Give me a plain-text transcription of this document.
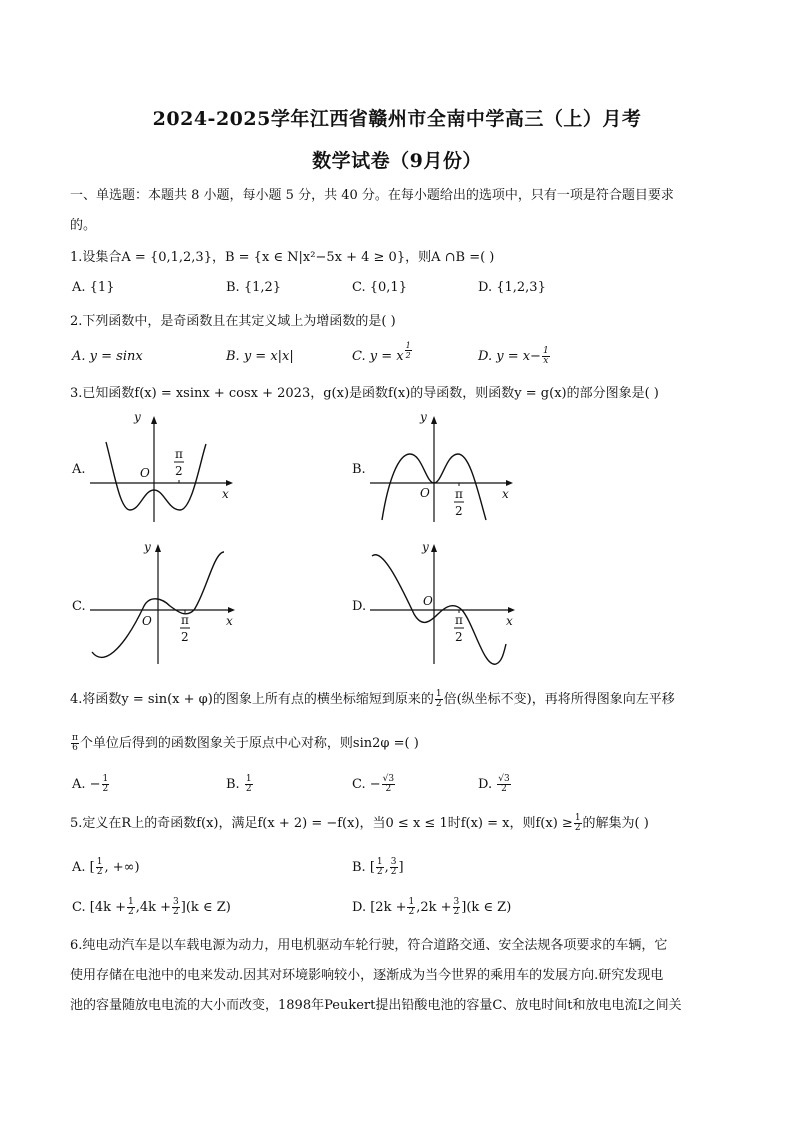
2024-2025学年江西省赣州市全南中学高三（上）月考
数学试卷（9月份）
一、单选题：本题共 8 小题，每小题 5 分，共 40 分。在每小题给出的选项中，只有一项是符合题目要求
的。
1.设集合A = {0,1,2,3}，B = {x ∈ N|x²−5x + 4 ≥ 0}，则A ∩B =( )
A. {1}	B. {1,2}	C. {0,1}	D. {1,2,3}
2.下列函数中，是奇函数且在其定义域上为增函数的是( )
A. y = sinx	B. y = x|x|	C. y = x $\frac{1}{2}$	D. $y = x- \frac{1}{x}$
3.已知函数f(x) = xsinx + cosx + 2023，g(x)是函数f(x)的导函数，则函数y = g(x)的部分图象是( )
A.	O
y
x
π
2	B.
O
y
x
π
2
C.
O
y
x
π
2
D.	O
y
x
π
2
4.将函数y = sin(x + φ)的图象上所有点的横坐标缩短到原来的 $\frac{1}{2}$ 倍(纵坐标不变)，再将所得图象向左平移
$\frac{\pi}{6}$ 个单位后得到的函数图象关于原点中心对称，则sin2φ =( )
A. − $\frac{1}{2}$	B. $\frac{1}{2}$	C. − $\frac{√3}{2}$	D. $\frac{√3}{2}$
5.定义在R上的奇函数f(x)，满足f(x + 2) = −f(x)，当0 ≤ x ≤ 1时f(x) = x，则$f(x) \ge \frac{1}{2}$ 的解集为( )
A. [ $\frac{1}{2}$ , +∞)	B. [ $\frac{1}{2}$ , $\frac{3}{2}$ ]
C. $[4k + \frac{1}{2} ,4k + \frac{3}{2} ](k$ ∈ Z)	D. $[2k + \frac{1}{2} ,2k + \frac{3}{2} ](k$ ∈ Z)
6.纯电动汽车是以车载电源为动力，用电机驱动车轮行驶，符合道路交通、安全法规各项要求的车辆，它
使用存储在电池中的电来发动.因其对环境影响较小，逐渐成为当今世界的乘用车的发展方向.研究发现电
池的容量随放电电流的大小而改变，1898年Peukert提出铅酸电池的容量C、放电时间t和放电电流I之间关
